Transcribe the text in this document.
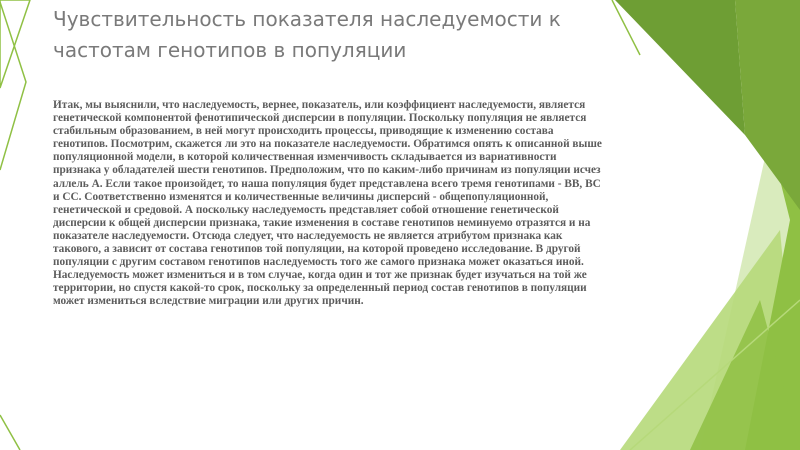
Чувствительность показателя наследуемости к частотам генотипов в популяции

Итак, мы выяснили, что наследуемость, вернее, показатель, или коэффициент наследуемости, является генетической компонентой фенотипической дисперсии в популяции. Поскольку популяция не является стабильным образованием, в ней могут происходить процессы, приводящие к изменению состава генотипов. Посмотрим, скажется ли это на показателе наследуемости. Обратимся опять к описанной выше популяционной модели, в которой количественная изменчивость складывается из вариативности признака у обладателей шести генотипов. Предположим, что по каким-либо причинам из популяции исчез аллель А. Если такое произойдет, то наша популяция будет представлена всего тремя генотипами - BB, BC и CC. Соответственно изменятся и количественные величины дисперсий - общепопуляционной, генетической и средовой. А поскольку наследуемость представляет собой отношение генетической дисперсии к общей дисперсии признака, такие изменения в составе генотипов неминуемо отразятся и на показателе наследуемости. Отсюда следует, что наследуемость не является атрибутом признака как такового, а зависит от состава генотипов той популяции, на которой проведено исследование. В другой популяции с другим составом генотипов наследуемость того же самого признака может оказаться иной. Наследуемость может измениться и в том случае, когда один и тот же признак будет изучаться на той же территории, но спустя какой-то срок, поскольку за определенный период состав генотипов в популяции может измениться вследствие миграции или других причин.
